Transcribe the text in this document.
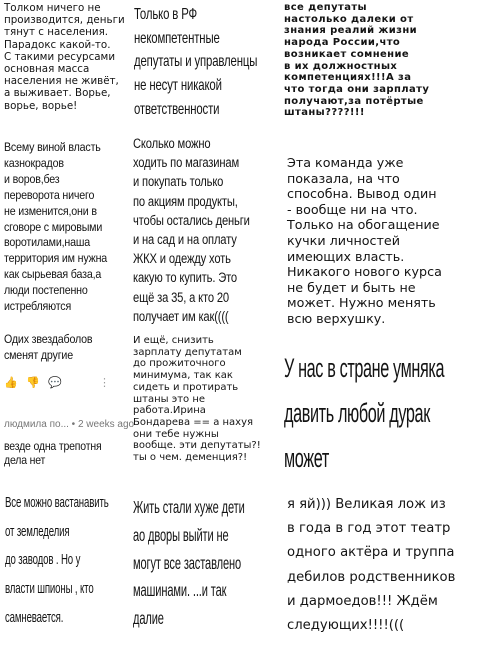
Толком ничего не
производится, деньги
тянут с населения.
Парадокс какой-то.
С такими ресурсами
основная масса
населения не живёт,
а выживает. Ворье,
ворье, ворье!
Всему виной власть
казнокрадов
и воров,без
переворота ничего
не изменится,они в
сговоре с мировыми
воротилами,наша
территория им нужна
как сырьевая база,а
люди постепенно
истребляются
Одих звездаболов
сменят другие
👍 👎 💬	⋮
людмила по... • 2 weeks ago
везде одна трепотня
дела нет
Все можно вастанавить
от земледелия
до заводов . Но у
власти шпионы , кто
самневается.
Только в РФ
некомпетентные
депутаты и управленцы
не несут никакой
ответственности
Сколько можно
ходить по магазинам
и покупать только
по акциям продукты,
чтобы остались деньги
и на сад и на оплату
ЖКХ и одежду хоть
какую то купить. Это
ещё за 35, а кто 20
получает им как((((
И ещё, снизить
зарплату депутатам
до прожиточного
минимума, так как
сидеть и протирать
штаны это не
работа.Ирина
Бондарева == а нахуя
они тебе нужны
вообще. эти депутаты?!
ты о чем. деменция?!
Жить стали хуже дети
ао дворы выйти не
могут все заставлено
машинами. ...и так
далие
все депутаты
настолько далеки от
знания реалий жизни
народа России,что
возникает сомнение
в их должностных
компетенциях!!!А за
что тогда они зарплату
получают,за потёртые
штаны????!!!
Эта команда уже
показала, на что
способна. Вывод один
- вообще ни на что.
Только на обогащение
кучки личностей
имеющих власть.
Никакого нового курса
не будет и быть не
может. Нужно менять
всю верхушку.
У нас в стране умняка
давить любой дурак
может
я яй))) Великая лож из
в года в год этот театр
одного актёра и труппа
дебилов родственников
и дармоедов!!! Ждём
следующих!!!!(((
